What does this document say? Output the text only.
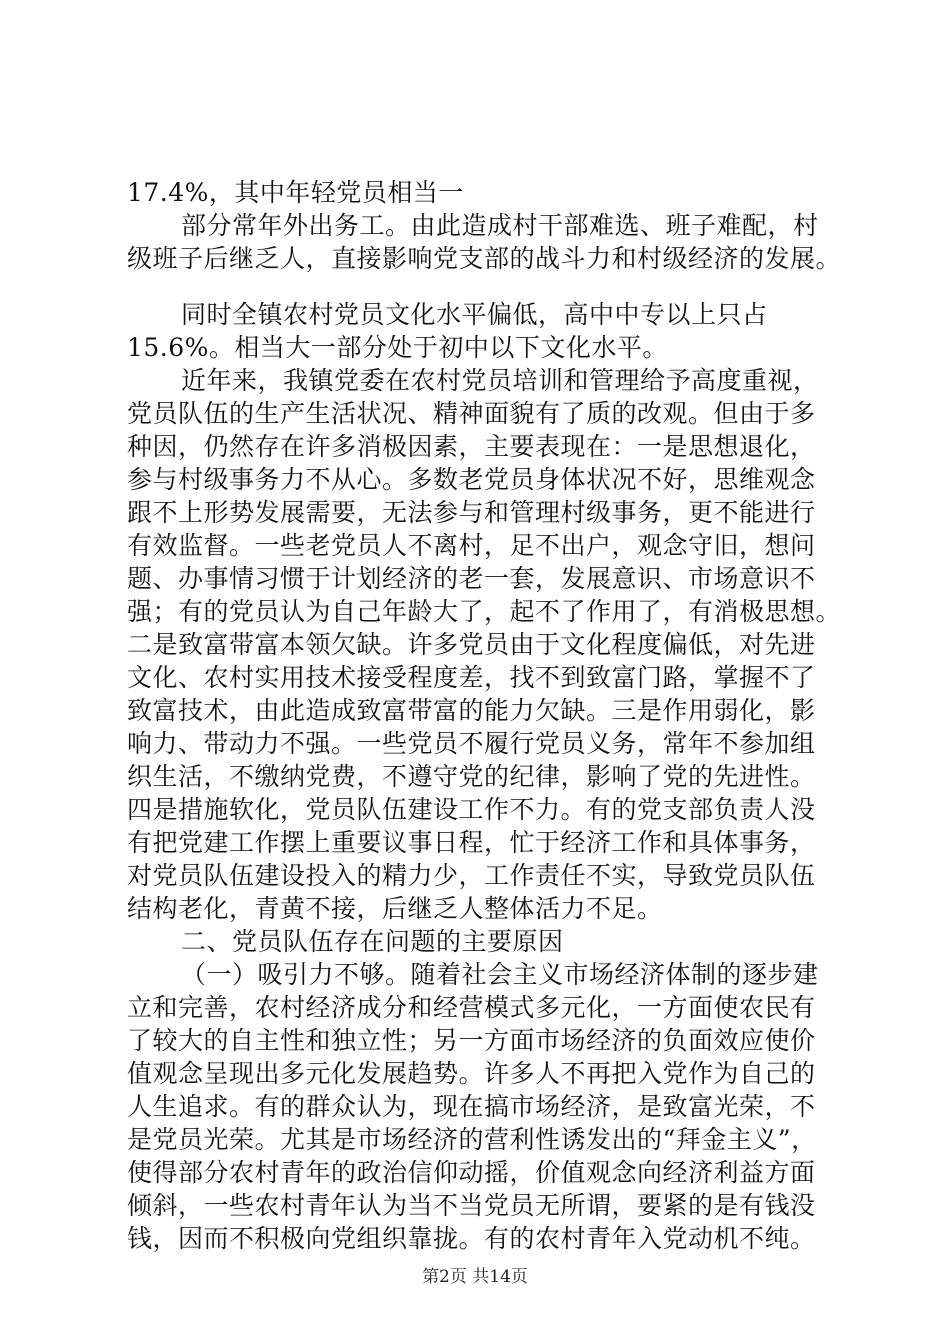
17.4%，其中年轻党员相当一
部分常年外出务工。由此造成村干部难选、班子难配，村
级班子后继乏人，直接影响党支部的战斗力和村级经济的发展。
同时全镇农村党员文化水平偏低，高中中专以上只占
15.6%。相当大一部分处于初中以下文化水平。
近年来，我镇党委在农村党员培训和管理给予高度重视，
党员队伍的生产生活状况、精神面貌有了质的改观。但由于多
种因，仍然存在许多消极因素，主要表现在：一是思想退化，
参与村级事务力不从心。多数老党员身体状况不好，思维观念
跟不上形势发展需要，无法参与和管理村级事务，更不能进行
有效监督。一些老党员人不离村，足不出户，观念守旧，想问
题、办事情习惯于计划经济的老一套，发展意识、市场意识不
强；有的党员认为自己年龄大了，起不了作用了，有消极思想。
二是致富带富本领欠缺。许多党员由于文化程度偏低，对先进
文化、农村实用技术接受程度差，找不到致富门路，掌握不了
致富技术，由此造成致富带富的能力欠缺。三是作用弱化，影
响力、带动力不强。一些党员不履行党员义务，常年不参加组
织生活，不缴纳党费，不遵守党的纪律，影响了党的先进性。
四是措施软化，党员队伍建设工作不力。有的党支部负责人没
有把党建工作摆上重要议事日程，忙于经济工作和具体事务，
对党员队伍建设投入的精力少，工作责任不实，导致党员队伍
结构老化，青黄不接，后继乏人整体活力不足。
二、党员队伍存在问题的主要原因
（一）吸引力不够。随着社会主义市场经济体制的逐步建
立和完善，农村经济成分和经营模式多元化，一方面使农民有
了较大的自主性和独立性；另一方面市场经济的负面效应使价
值观念呈现出多元化发展趋势。许多人不再把入党作为自己的
人生追求。有的群众认为，现在搞市场经济，是致富光荣，不
是党员光荣。尤其是市场经济的营利性诱发出的“拜金主义”，
使得部分农村青年的政治信仰动摇，价值观念向经济利益方面
倾斜，一些农村青年认为当不当党员无所谓，要紧的是有钱没
钱，因而不积极向党组织靠拢。有的农村青年入党动机不纯。
第2页 共14页
